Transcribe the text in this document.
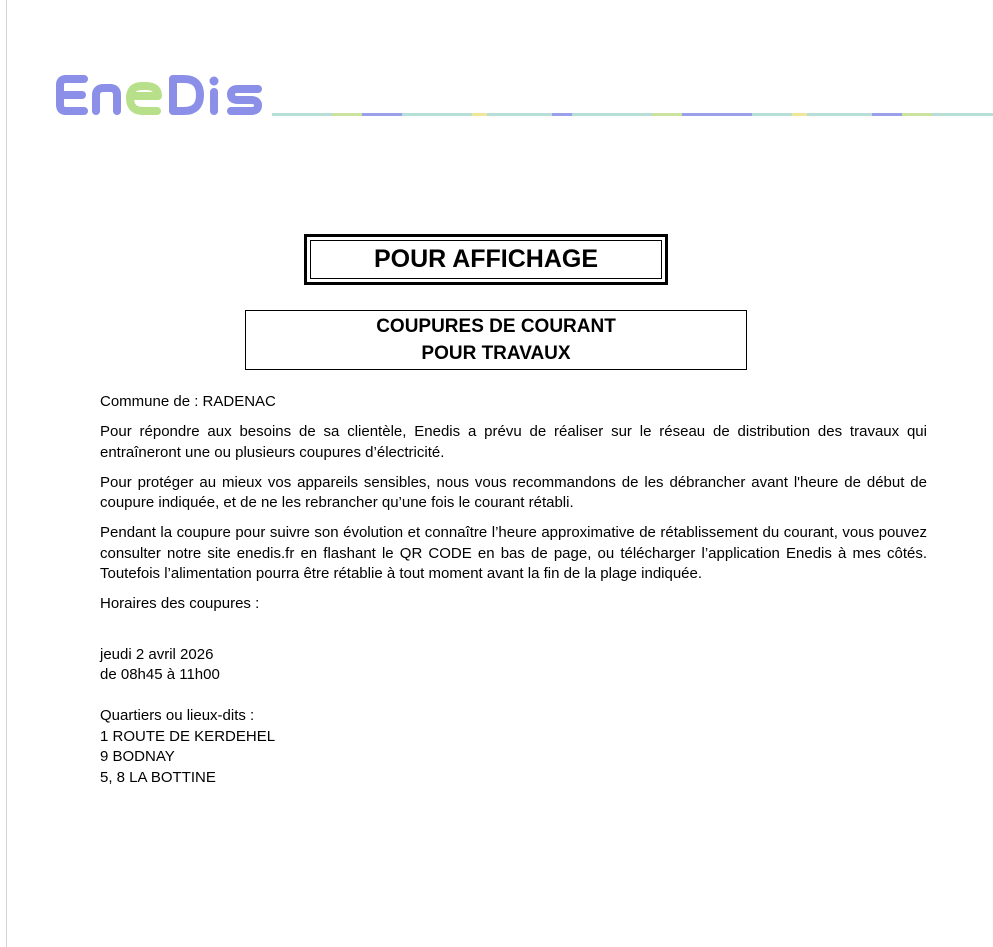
POUR AFFICHAGE
COUPURES DE COURANT
POUR TRAVAUX

Commune de : RADENAC

Pour répondre aux besoins de sa clientèle, Enedis a prévu de réaliser sur le réseau de distribution des travaux qui entraîneront une ou plusieurs coupures d’électricité.

Pour protéger au mieux vos appareils sensibles, nous vous recommandons de les débrancher avant l'heure de début de coupure indiquée, et de ne les rebrancher qu’une fois le courant rétabli.

Pendant la coupure pour suivre son évolution et connaître l’heure approximative de rétablissement du courant, vous pouvez consulter notre site enedis.fr en flashant le QR CODE en bas de page, ou télécharger l’application Enedis à mes côtés. Toutefois l’alimentation pourra être rétablie à tout moment avant la fin de la plage indiquée.

Horaires des coupures :

jeudi 2 avril 2026
de 08h45 à 11h00
Quartiers ou lieux-dits :
1 ROUTE DE KERDEHEL
9 BODNAY
5, 8 LA BOTTINE
